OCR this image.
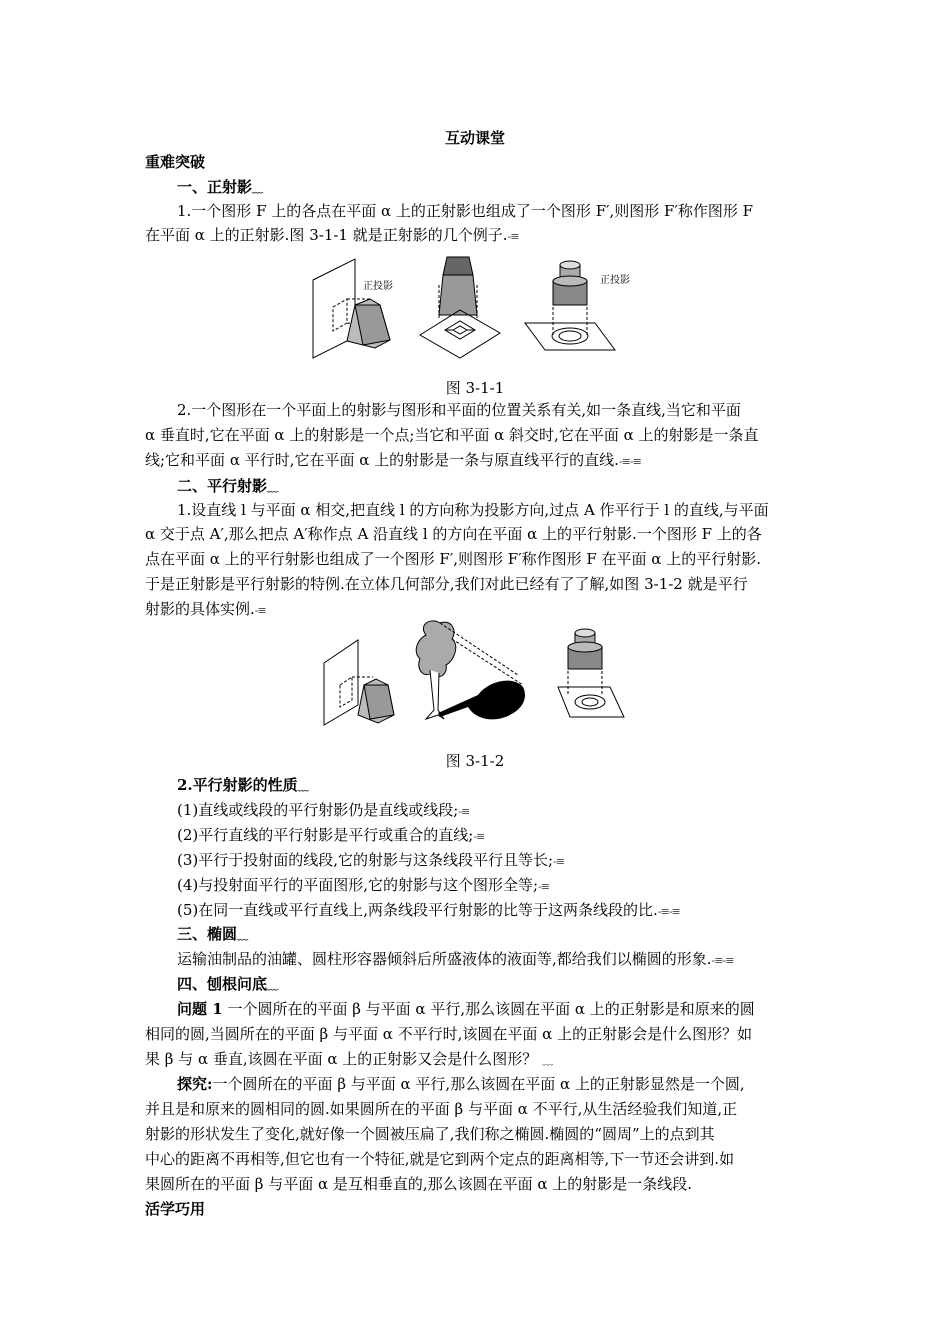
互动课堂
重难突破
一、正射影﹏
1.一个图形 F 上的各点在平面 α 上的正射影也组成了一个图形 F′,则图形 F′称作图形 F
在平面 α 上的正射影.图 3-1-1 就是正射影的几个例子.-≡
正投影
正投影
图 3-1-1
2.一个图形在一个平面上的射影与图形和平面的位置关系有关,如一条直线,当它和平面
α 垂直时,它在平面 α 上的射影是一个点;当它和平面 α 斜交时,它在平面 α 上的射影是一条直
线;它和平面 α 平行时,它在平面 α 上的射影是一条与原直线平行的直线.-≡-≡
二、平行射影﹏
1.设直线 l 与平面 α 相交,把直线 l 的方向称为投影方向,过点 A 作平行于 l 的直线,与平面
α 交于点 A′,那么把点 A′称作点 A 沿直线 l 的方向在平面 α 上的平行射影.一个图形 F 上的各
点在平面 α 上的平行射影也组成了一个图形 F′,则图形 F′称作图形 F 在平面 α 上的平行射影.
于是正射影是平行射影的特例.在立体几何部分,我们对此已经有了了解,如图 3-1-2 就是平行
射影的具体实例.-≡
图 3-1-2
2.平行射影的性质﹏
(1)直线或线段的平行射影仍是直线或线段;-≡
(2)平行直线的平行射影是平行或重合的直线;-≡
(3)平行于投射面的线段,它的射影与这条线段平行且等长;-≡
(4)与投射面平行的平面图形,它的射影与这个图形全等;-≡
(5)在同一直线或平行直线上,两条线段平行射影的比等于这两条线段的比.-≡-≡
三、椭圆﹏
运输油制品的油罐、圆柱形容器倾斜后所盛液体的液面等,都给我们以椭圆的形象.-≡-≡
四、刨根问底﹏
问题 1 一个圆所在的平面 β 与平面 α 平行,那么该圆在平面 α 上的正射影是和原来的圆
相同的圆,当圆所在的平面 β 与平面 α 不平行时,该圆在平面 α 上的正射影会是什么图形？如
果 β 与 α 垂直,该圆在平面 α 上的正射影又会是什么图形？ ﹏
探究:一个圆所在的平面 β 与平面 α 平行,那么该圆在平面 α 上的正射影显然是一个圆,
并且是和原来的圆相同的圆.如果圆所在的平面 β 与平面 α 不平行,从生活经验我们知道,正
射影的形状发生了变化,就好像一个圆被压扁了,我们称之椭圆.椭圆的“圆周”上的点到其
中心的距离不再相等,但它也有一个特征,就是它到两个定点的距离相等,下一节还会讲到.如
果圆所在的平面 β 与平面 α 是互相垂直的,那么该圆在平面 α 上的射影是一条线段.
活学巧用
